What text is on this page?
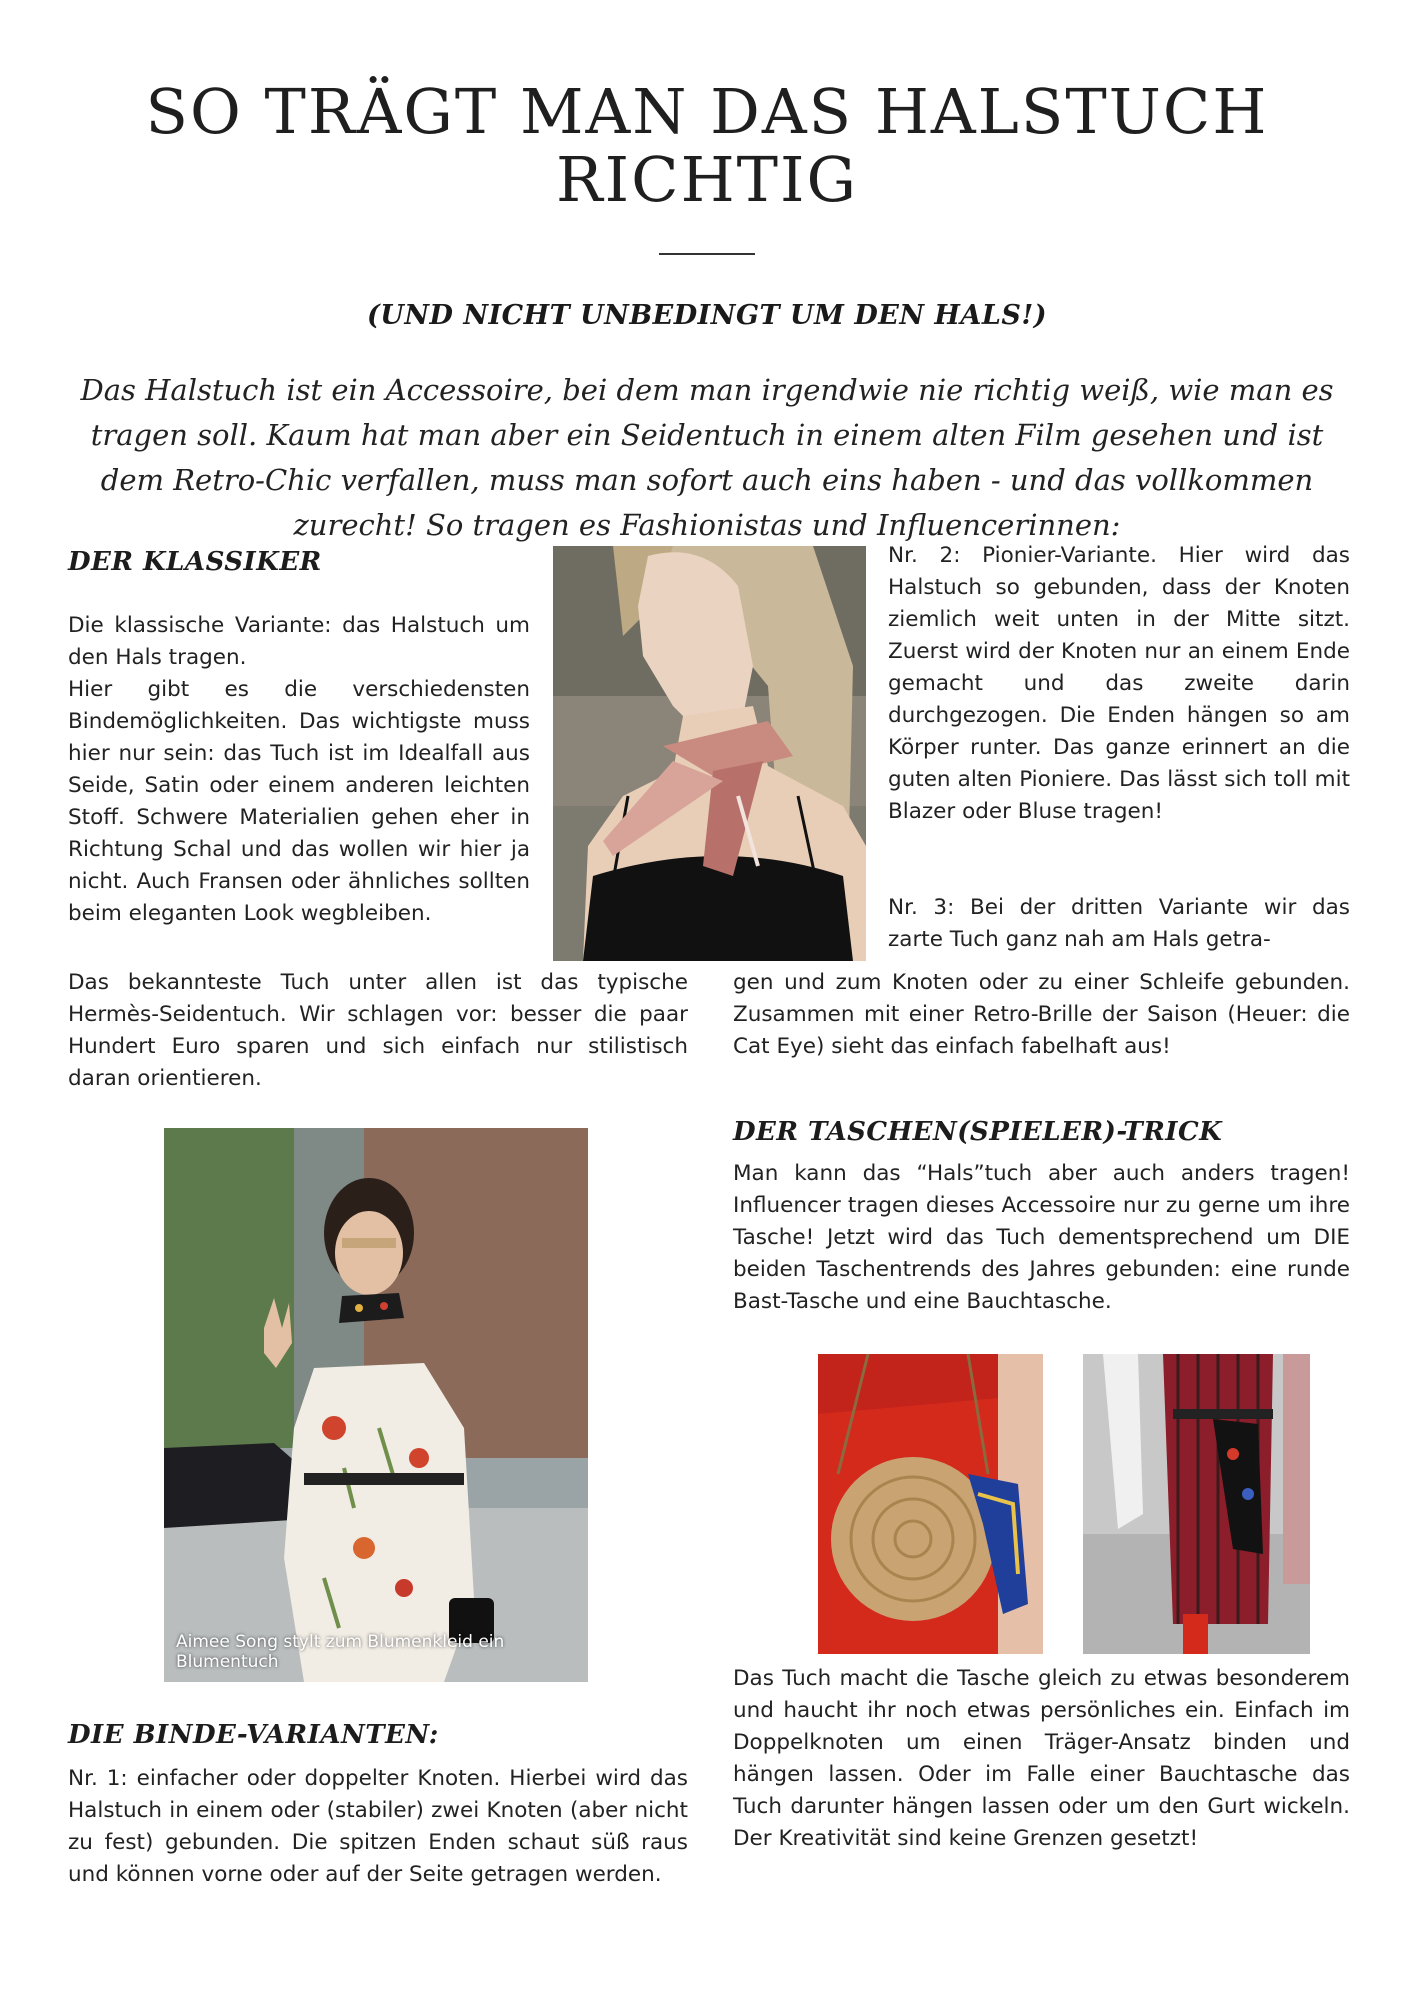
SO TRÄGT MAN DAS HALSTUCH
RICHTIG
(UND NICHT UNBEDINGT UM DEN HALS!)
Das Halstuch ist ein Accessoire, bei dem man irgendwie nie richtig weiß, wie man es tragen soll. Kaum hat man aber ein Seidentuch in einem alten Film gesehen und ist dem Retro-Chic verfallen, muss man sofort auch eins haben - und das vollkommen zurecht! So tragen es Fashionistas und Influencerinnen:
DER KLASSIKER

Die klassische Variante: das Halstuch um den Hals tragen.

Hier gibt es die verschiedensten Bindemöglichkeiten. Das wichtigste muss hier nur sein: das Tuch ist im Idealfall aus Seide, Satin oder einem anderen leichten Stoff. Schwere Materialien gehen eher in Richtung Schal und das wollen wir hier ja nicht. Auch Fransen oder ähnliches sollten beim eleganten Look wegbleiben.

Das bekannteste Tuch unter allen ist das typische Hermès-Seidentuch. Wir schlagen vor: besser die paar Hundert Euro sparen und sich einfach nur stilistisch daran orientieren.
Nr. 2: Pionier-Variante. Hier wird das Halstuch so gebunden, dass der Knoten ziemlich weit unten in der Mitte sitzt. Zuerst wird der Knoten nur an einem Ende gemacht und das zweite darin durchgezogen. Die Enden hängen so am Körper runter. Das ganze erinnert an die guten alten Pioniere. Das lässt sich toll mit Blazer oder Bluse tragen!
Nr. 3: Bei der dritten Variante wir das zarte Tuch ganz nah am Hals getra-
gen und zum Knoten oder zu einer Schleife gebunden. Zusammen mit einer Retro-Brille der Saison (Heuer: die Cat Eye) sieht das einfach fabelhaft aus!
Aimee Song stylt zum Blumenkleid ein Blumentuch
DIE BINDE-VARIANTEN:
Nr. 1: einfacher oder doppelter Knoten. Hierbei wird das Halstuch in einem oder (stabiler) zwei Knoten (aber nicht zu fest) gebunden. Die spitzen Enden schaut süß raus und können vorne oder auf der Seite getragen werden.
DER TASCHEN(SPIELER)-TRICK
Man kann das “Hals”tuch aber auch anders tragen! Influencer tragen dieses Accessoire nur zu gerne um ihre Tasche! Jetzt wird das Tuch dementsprechend um DIE beiden Taschentrends des Jahres gebunden: eine runde Bast-Tasche und eine Bauchtasche.
Das Tuch macht die Tasche gleich zu etwas besonderem und haucht ihr noch etwas persönliches ein. Einfach im Doppelknoten um einen Träger-Ansatz binden und hängen lassen. Oder im Falle einer Bauchtasche das Tuch darunter hängen lassen oder um den Gurt wickeln. Der Kreativität sind keine Grenzen gesetzt!
